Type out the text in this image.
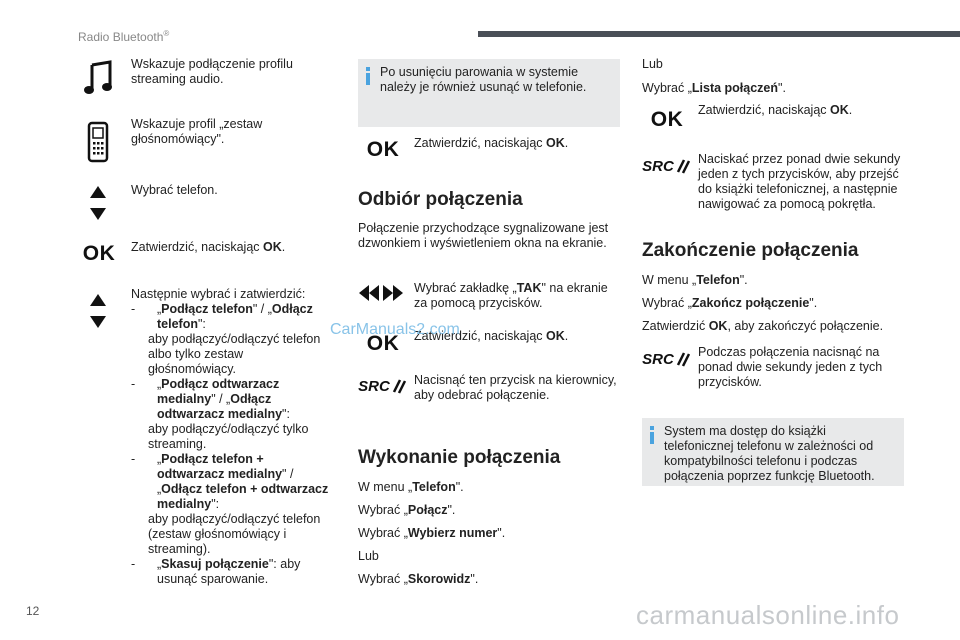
Radio Bluetooth®
Wskazuje podłączenie profilu streaming audio.
Wskazuje profil „zestaw głośnomówiący".
Wybrać telefon.
OK Zatwierdzić, naciskając OK.
Następnie wybrać i zatwierdzić:
-	„Podłącz telefon" / „Odłącz telefon":
aby podłączyć/odłączyć telefon albo tylko zestaw głośnomówiący.
-	„Podłącz odtwarzacz medialny" / „Odłącz odtwarzacz medialny":
aby podłączyć/odłączyć tylko streaming.
-	„Podłącz telefon + odtwarzacz medialny" / „Odłącz telefon + odtwarzacz medialny":
aby podłączyć/odłączyć telefon (zestaw głośnomówiący i streaming).
-	„Skasuj połączenie": aby usunąć sparowanie.
Po usunięciu parowania w systemie należy je również usunąć w telefonie.
OK Zatwierdzić, naciskając OK.
Odbiór połączenia
Połączenie przychodzące sygnalizowane jest dzwonkiem i wyświetleniem okna na ekranie.
Wybrać zakładkę „TAK" na ekranie za pomocą przycisków.
OK Zatwierdzić, naciskając OK.
SRC Nacisnąć ten przycisk na kierownicy, aby odebrać połączenie.
Wykonanie połączenia
W menu „Telefon".
Wybrać „Połącz".
Wybrać „Wybierz numer".
Lub
Wybrać „Skorowidz".
Lub
Wybrać „Lista połączeń".
OK Zatwierdzić, naciskając OK.
SRC Naciskać przez ponad dwie sekundy jeden z tych przycisków, aby przejść do książki telefonicznej, a następnie nawigować za pomocą pokrętła.
Zakończenie połączenia
W menu „Telefon".
Wybrać „Zakończ połączenie".
Zatwierdzić OK, aby zakończyć połączenie.
SRC Podczas połączenia nacisnąć na ponad dwie sekundy jeden z tych przycisków.
System ma dostęp do książki telefonicznej telefonu w zależności od kompatybilności telefonu i podczas połączenia poprzez funkcję Bluetooth.
CarManuals2.com
12	carmanualsonline.info
